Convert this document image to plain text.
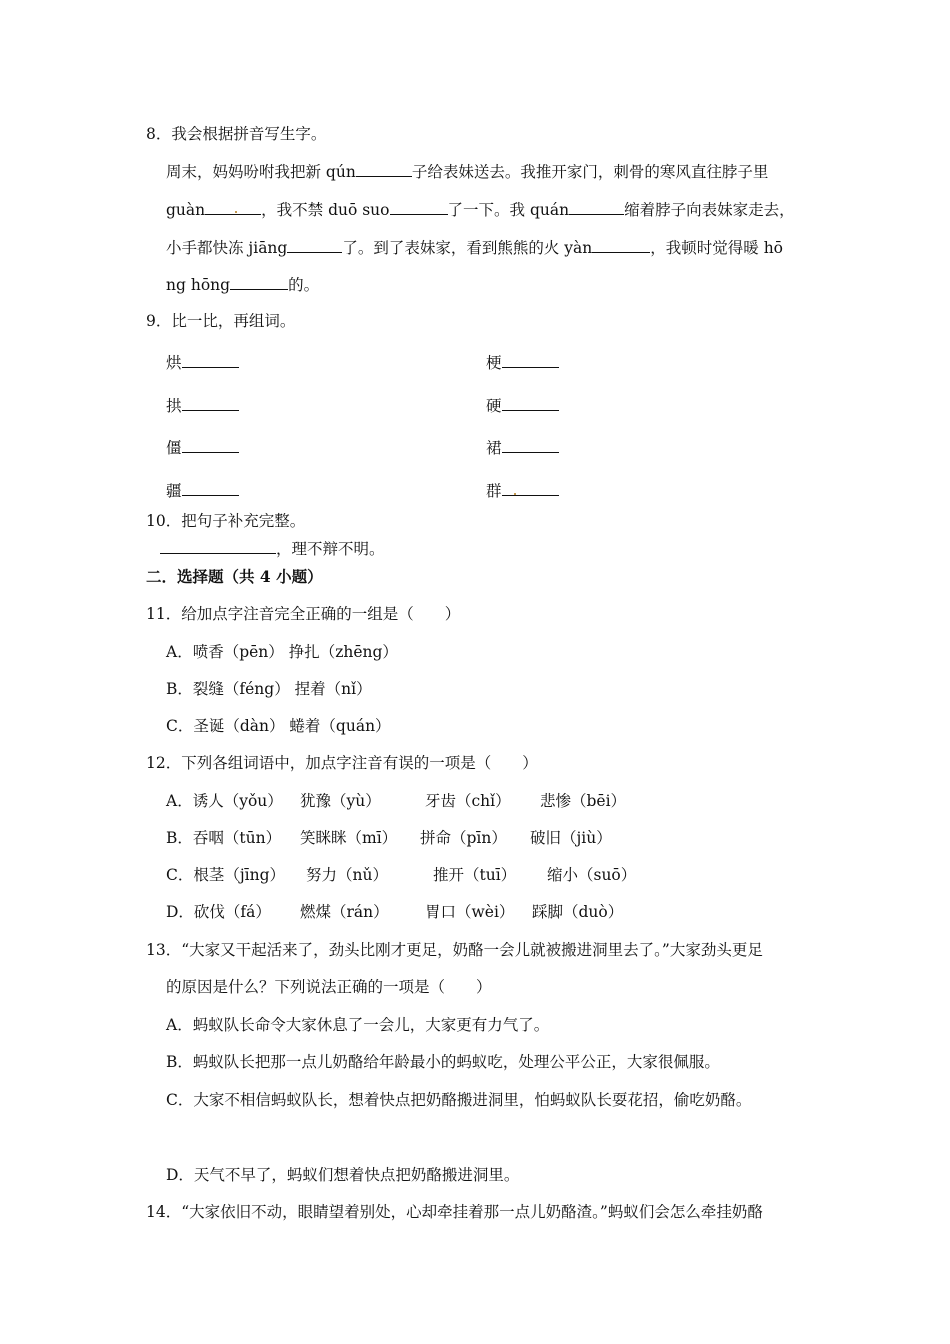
8．我会根据拼音写生字。
周末，妈妈吩咐我把新 qún	子给表妹送去。我推开家门，刺骨的寒风直往脖子里
guàn	，我不禁 duō suo	了一下。我 quán	缩着脖子向表妹家走去，
小手都快冻 jiāng	了。到了表妹家，看到熊熊的火 yàn	，我顿时觉得暖 hō
ng hōng	的。
9．比一比，再组词。
烘	梗
拱	硬
僵	裙
疆	群
10．把句子补充完整。
，理不辩不明。
二．选择题（共 4 小题）
11．给加点字注音完全正确的一组是（　　）
A．喷香（pēn） 挣扎（zhēng）
B．裂缝（féng） 捏着（nǐ）
C．圣诞（dàn） 蜷着（quán）
12．下列各组词语中，加点字注音有误的一项是（　　）
A．诱人（yǒu） 犹豫（yù）	牙齿（chǐ） 悲惨（bēi）
B．吞咽（tūn） 笑眯眯（mī） 拼命（pīn） 破旧（jiù）
C．根茎（jīng） 努力（nǔ）	推开（tuī） 缩小（suō）
D．砍伐（fá） 燃煤（rán） 胃口（wèi） 踩脚（duò）
13．“大家又干起活来了，劲头比刚才更足，奶酪一会儿就被搬进洞里去了。”大家劲头更足
的原因是什么？下列说法正确的一项是（　　）
A．蚂蚁队长命令大家休息了一会儿，大家更有力气了。
B．蚂蚁队长把那一点儿奶酪给年龄最小的蚂蚁吃，处理公平公正，大家很佩服。
C．大家不相信蚂蚁队长，想着快点把奶酪搬进洞里，怕蚂蚁队长耍花招，偷吃奶酪。
D．天气不早了，蚂蚁们想着快点把奶酪搬进洞里。
14．“大家依旧不动，眼睛望着别处，心却牵挂着那一点儿奶酪渣。”蚂蚁们会怎么牵挂奶酪
